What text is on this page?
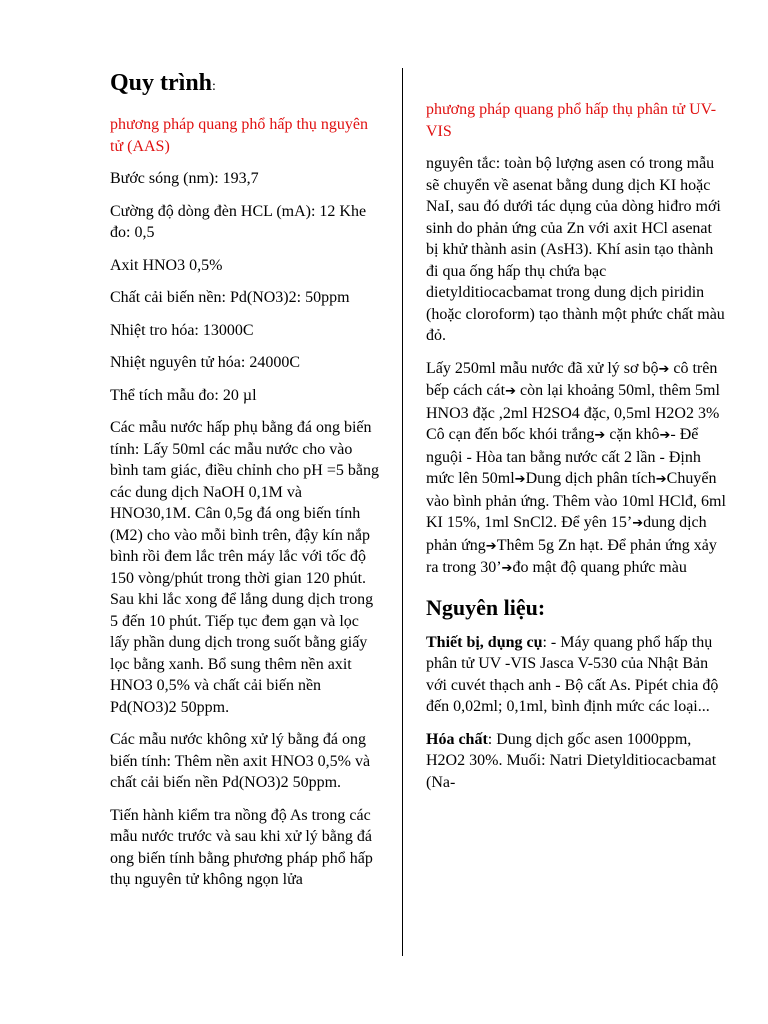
Quy trình:

phương pháp quang phổ hấp thụ nguyên tử (AAS)

Bước sóng (nm): 193,7

Cường độ dòng đèn HCL (mA): 12 Khe đo: 0,5

Axit HNO3 0,5%

Chất cải biến nền: Pd(NO3)2: 50ppm

Nhiệt tro hóa: 13000C

Nhiệt nguyên tử hóa: 24000C

Thể tích mẫu đo: 20 µl

Các mẫu nước hấp phụ bằng đá ong biến tính: Lấy 50ml các mẫu nước cho vào bình tam giác, điều chỉnh cho pH =5 bằng các dung dịch NaOH 0,1M và HNO30,1M. Cân 0,5g đá ong biến tính (M2) cho vào mỗi bình trên, đậy kín nắp bình rồi đem lắc trên máy lắc với tốc độ 150 vòng/phút trong thời gian 120 phút. Sau khi lắc xong để lắng dung dịch trong 5 đến 10 phút. Tiếp tục đem gạn và lọc lấy phần dung dịch trong suốt bằng giấy lọc bằng xanh. Bổ sung thêm nền axit HNO3 0,5% và chất cải biến nền Pd(NO3)2 50ppm.

Các mẫu nước không xử lý bằng đá ong biến tính: Thêm nền axit HNO3 0,5% và chất cải biến nền Pd(NO3)2 50ppm.

Tiến hành kiểm tra nồng độ As trong các mẫu nước trước và sau khi xử lý bằng đá ong biến tính bằng phương pháp phổ hấp thụ nguyên tử không ngọn lửa

phương pháp quang phổ hấp thụ phân tử UV-VIS

nguyên tắc: toàn bộ lượng asen có trong mẫu sẽ chuyển về asenat bằng dung dịch KI hoặc NaI, sau đó dưới tác dụng của dòng hiđro mới sinh do phản ứng của Zn với axit HCl asenat bị khử thành asin (AsH3). Khí asin tạo thành đi qua ống hấp thụ chứa bạc dietylditiocacbamat trong dung dịch piridin (hoặc cloroform) tạo thành một phức chất màu đỏ.

Lấy 250ml mẫu nước đã xử lý sơ bộ➔ cô trên bếp cách cát➔ còn lại khoảng 50ml, thêm 5ml HNO3 đặc ,2ml H2SO4 đặc, 0,5ml H2O2 3% Cô cạn đến bốc khói trắng➔ cặn khô➔- Để nguội - Hòa tan bằng nước cất 2 lần - Định mức lên 50ml➔Dung dịch phân tích➔Chuyển vào bình phản ứng. Thêm vào 10ml HClđ, 6ml KI 15%, 1ml SnCl2. Để yên 15’➔dung dịch phản ứng➔Thêm 5g Zn hạt. Để phản ứng xảy ra trong 30’➔đo mật độ quang phức màu

Nguyên liệu:

Thiết bị, dụng cụ: - Máy quang phổ hấp thụ phân tử UV -VIS Jasca V-530 của Nhật Bản với cuvét thạch anh - Bộ cất As. Pipét chia độ đến 0,02ml; 0,1ml, bình định mức các loại...

Hóa chất: Dung dịch gốc asen 1000ppm, H2O2 30%. Muối: Natri Dietylditiocacbamat (Na-
